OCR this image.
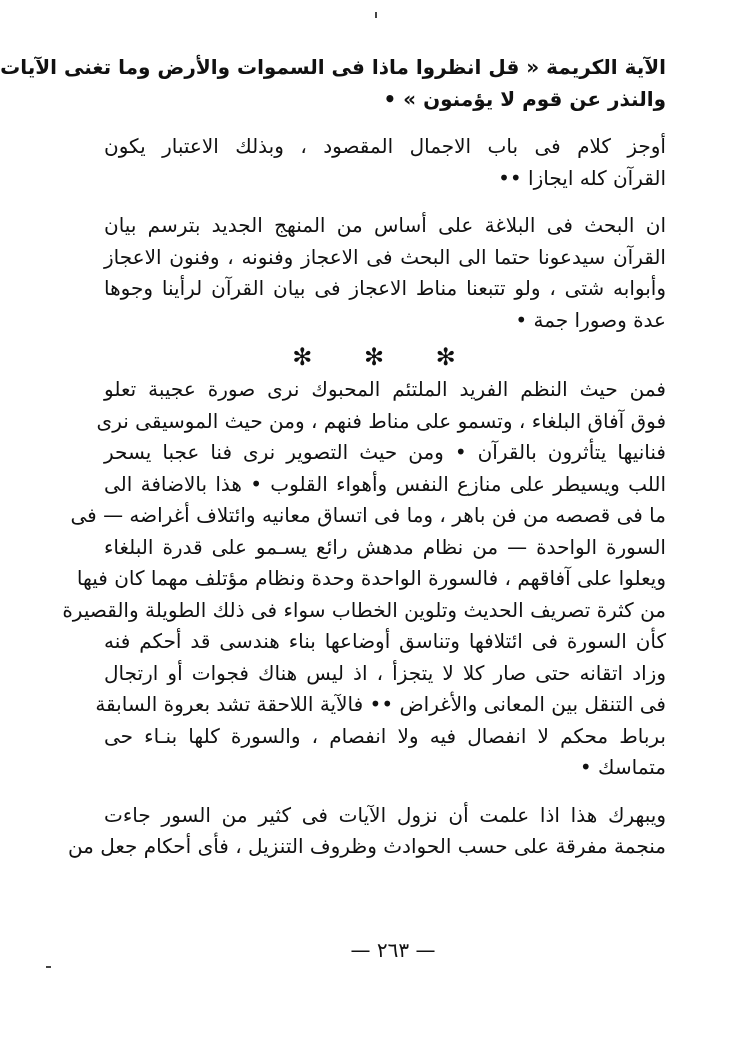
الآية الكريمة « قل انظروا ماذا فى السموات والأرض وما تغنى الآيات
والنذر عن قوم لا يؤمنون » •
أوجز كلام فى باب الاجمال المقصود ، وبذلك الاعتبار يكون
القرآن كله ايجازا ••
ان البحث فى البلاغة على أساس من المنهج الجديد بترسم بيان
القرآن سيدعونا حتما الى البحث فى الاعجاز وفنونه ، وفنون الاعجاز
وأبوابه شتى ، ولو تتبعنا مناط الاعجاز فى بيان القرآن لرأينا وجوها
عدة وصورا جمة •
✻ ✻ ✻
فمن حيث النظم الفريد الملتئم المحبوك نرى صورة عجيبة تعلو
فوق آفاق البلغاء ، وتسمو على مناط فنهم ، ومن حيث الموسيقى نرى
فنانيها يتأثرون بالقرآن • ومن حيث التصوير نرى فنا عجبا يسحر
اللب ويسيطر على منازع النفس وأهواء القلوب • هذا بالاضافة الى
ما فى قصصه من فن باهر ، وما فى اتساق معانيه وائتلاف أغراضه — فى
السورة الواحدة — من نظام مدهش رائع يسـمو على قدرة البلغاء
ويعلوا على آفاقهم ، فالسورة الواحدة وحدة ونظام مؤتلف مهما كان فيها
من كثرة تصريف الحديث وتلوين الخطاب سواء فى ذلك الطويلة والقصيرة
كأن السورة فى ائتلافها وتناسق أوضاعها بناء هندسى قد أحكم فنه
وزاد اتقانه حتى صار كلا لا يتجزأ ، اذ ليس هناك فجوات أو ارتجال
فى التنقل بين المعانى والأغراض •• فالآية اللاحقة تشد بعروة السابقة
برباط محكم لا انفصال فيه ولا انفصام ، والسورة كلها بنـاء حى
متماسك •
ويبهرك هذا اذا علمت أن نزول الآيات فى كثير من السور جاءت
منجمة مفرقة على حسب الحوادث وظروف التنزيل ، فأى أحكام جعل من
— ٢٦٣ —
